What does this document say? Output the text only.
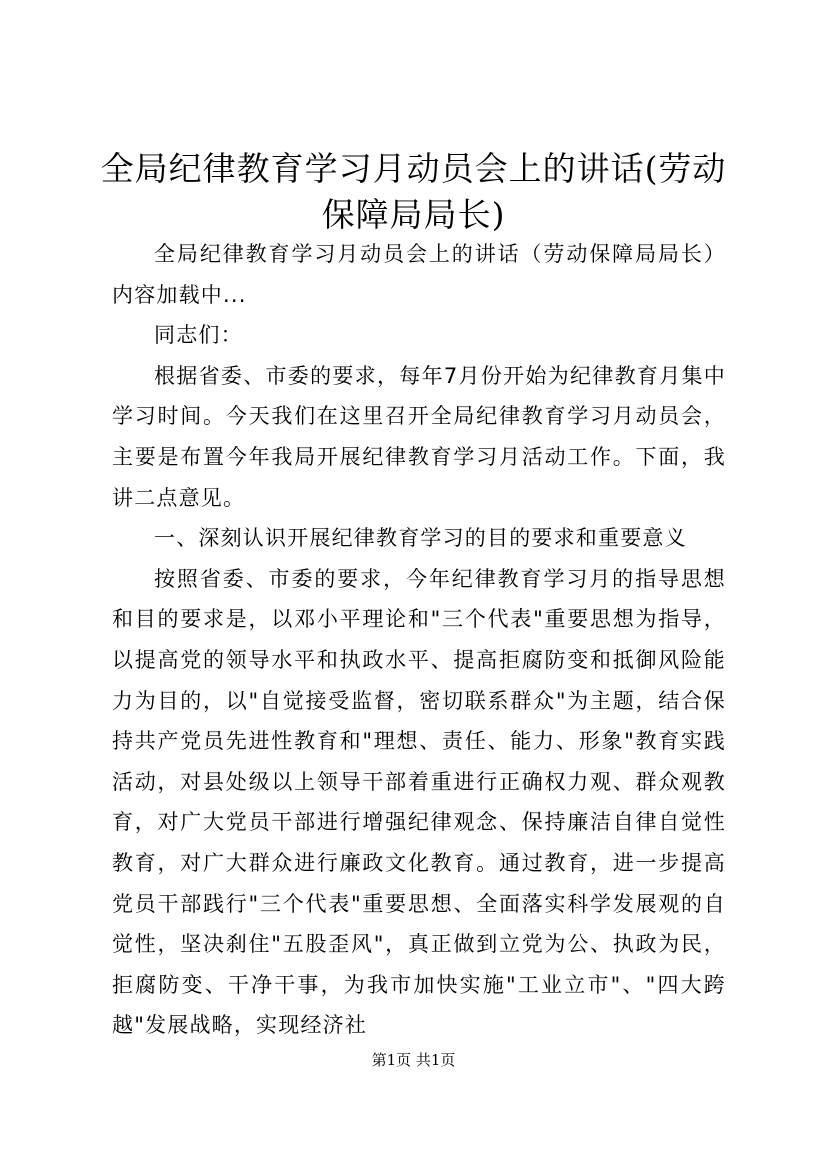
全局纪律教育学习月动员会上的讲话(劳动保障局局长)

全局纪律教育学习月动员会上的讲话（劳动保障局局长）内容加载中...

同志们：

根据省委、市委的要求，每年7月份开始为纪律教育月集中学习时间。今天我们在这里召开全局纪律教育学习月动员会，主要是布置今年我局开展纪律教育学习月活动工作。下面，我讲二点意见。

一、深刻认识开展纪律教育学习的目的要求和重要意义

按照省委、市委的要求，今年纪律教育学习月的指导思想和目的要求是，以邓小平理论和"三个代表"重要思想为指导，以提高党的领导水平和执政水平、提高拒腐防变和抵御风险能力为目的，以"自觉接受监督，密切联系群众"为主题，结合保持共产党员先进性教育和"理想、责任、能力、形象"教育实践活动，对县处级以上领导干部着重进行正确权力观、群众观教育，对广大党员干部进行增强纪律观念、保持廉洁自律自觉性教育，对广大群众进行廉政文化教育。通过教育，进一步提高党员干部践行"三个代表"重要思想、全面落实科学发展观的自觉性，坚决刹住"五股歪风"，真正做到立党为公、执政为民，拒腐防变、干净干事，为我市加快实施"工业立市"、"四大跨越"发展战略，实现经济社

第1页 共1页
